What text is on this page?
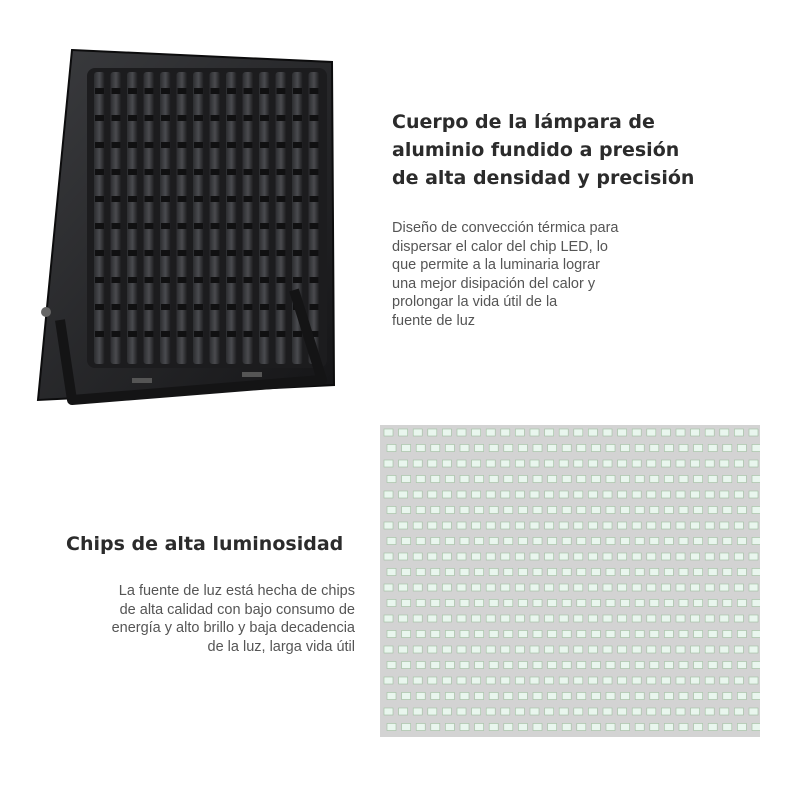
Cuerpo de la lámpara de

aluminio fundido a presión

de alta densidad y precisión

Diseño de convección térmica para

dispersar el calor del chip LED, lo

que permite a la luminaria lograr

una mejor disipación del calor y

prolongar la vida útil de la

fuente de luz

Chips de alta luminosidad

La fuente de luz está hecha de chips

de alta calidad con bajo consumo de

energía y alto brillo y baja decadencia

de la luz, larga vida útil
